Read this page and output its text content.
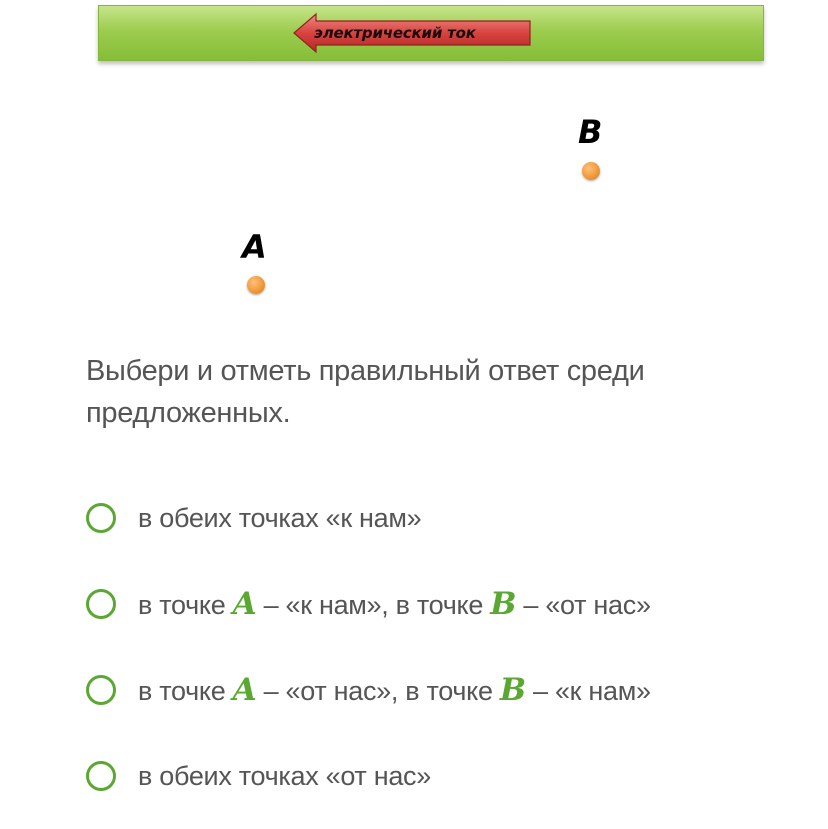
электрический ток
B
A
Выбери и отметь правильный ответ среди предложенных.
в обеих точках «к нам»
в точке A – «к нам», в точке B – «от нас»
в точке A – «от нас», в точке B – «к нам»
в обеих точках «от нас»
